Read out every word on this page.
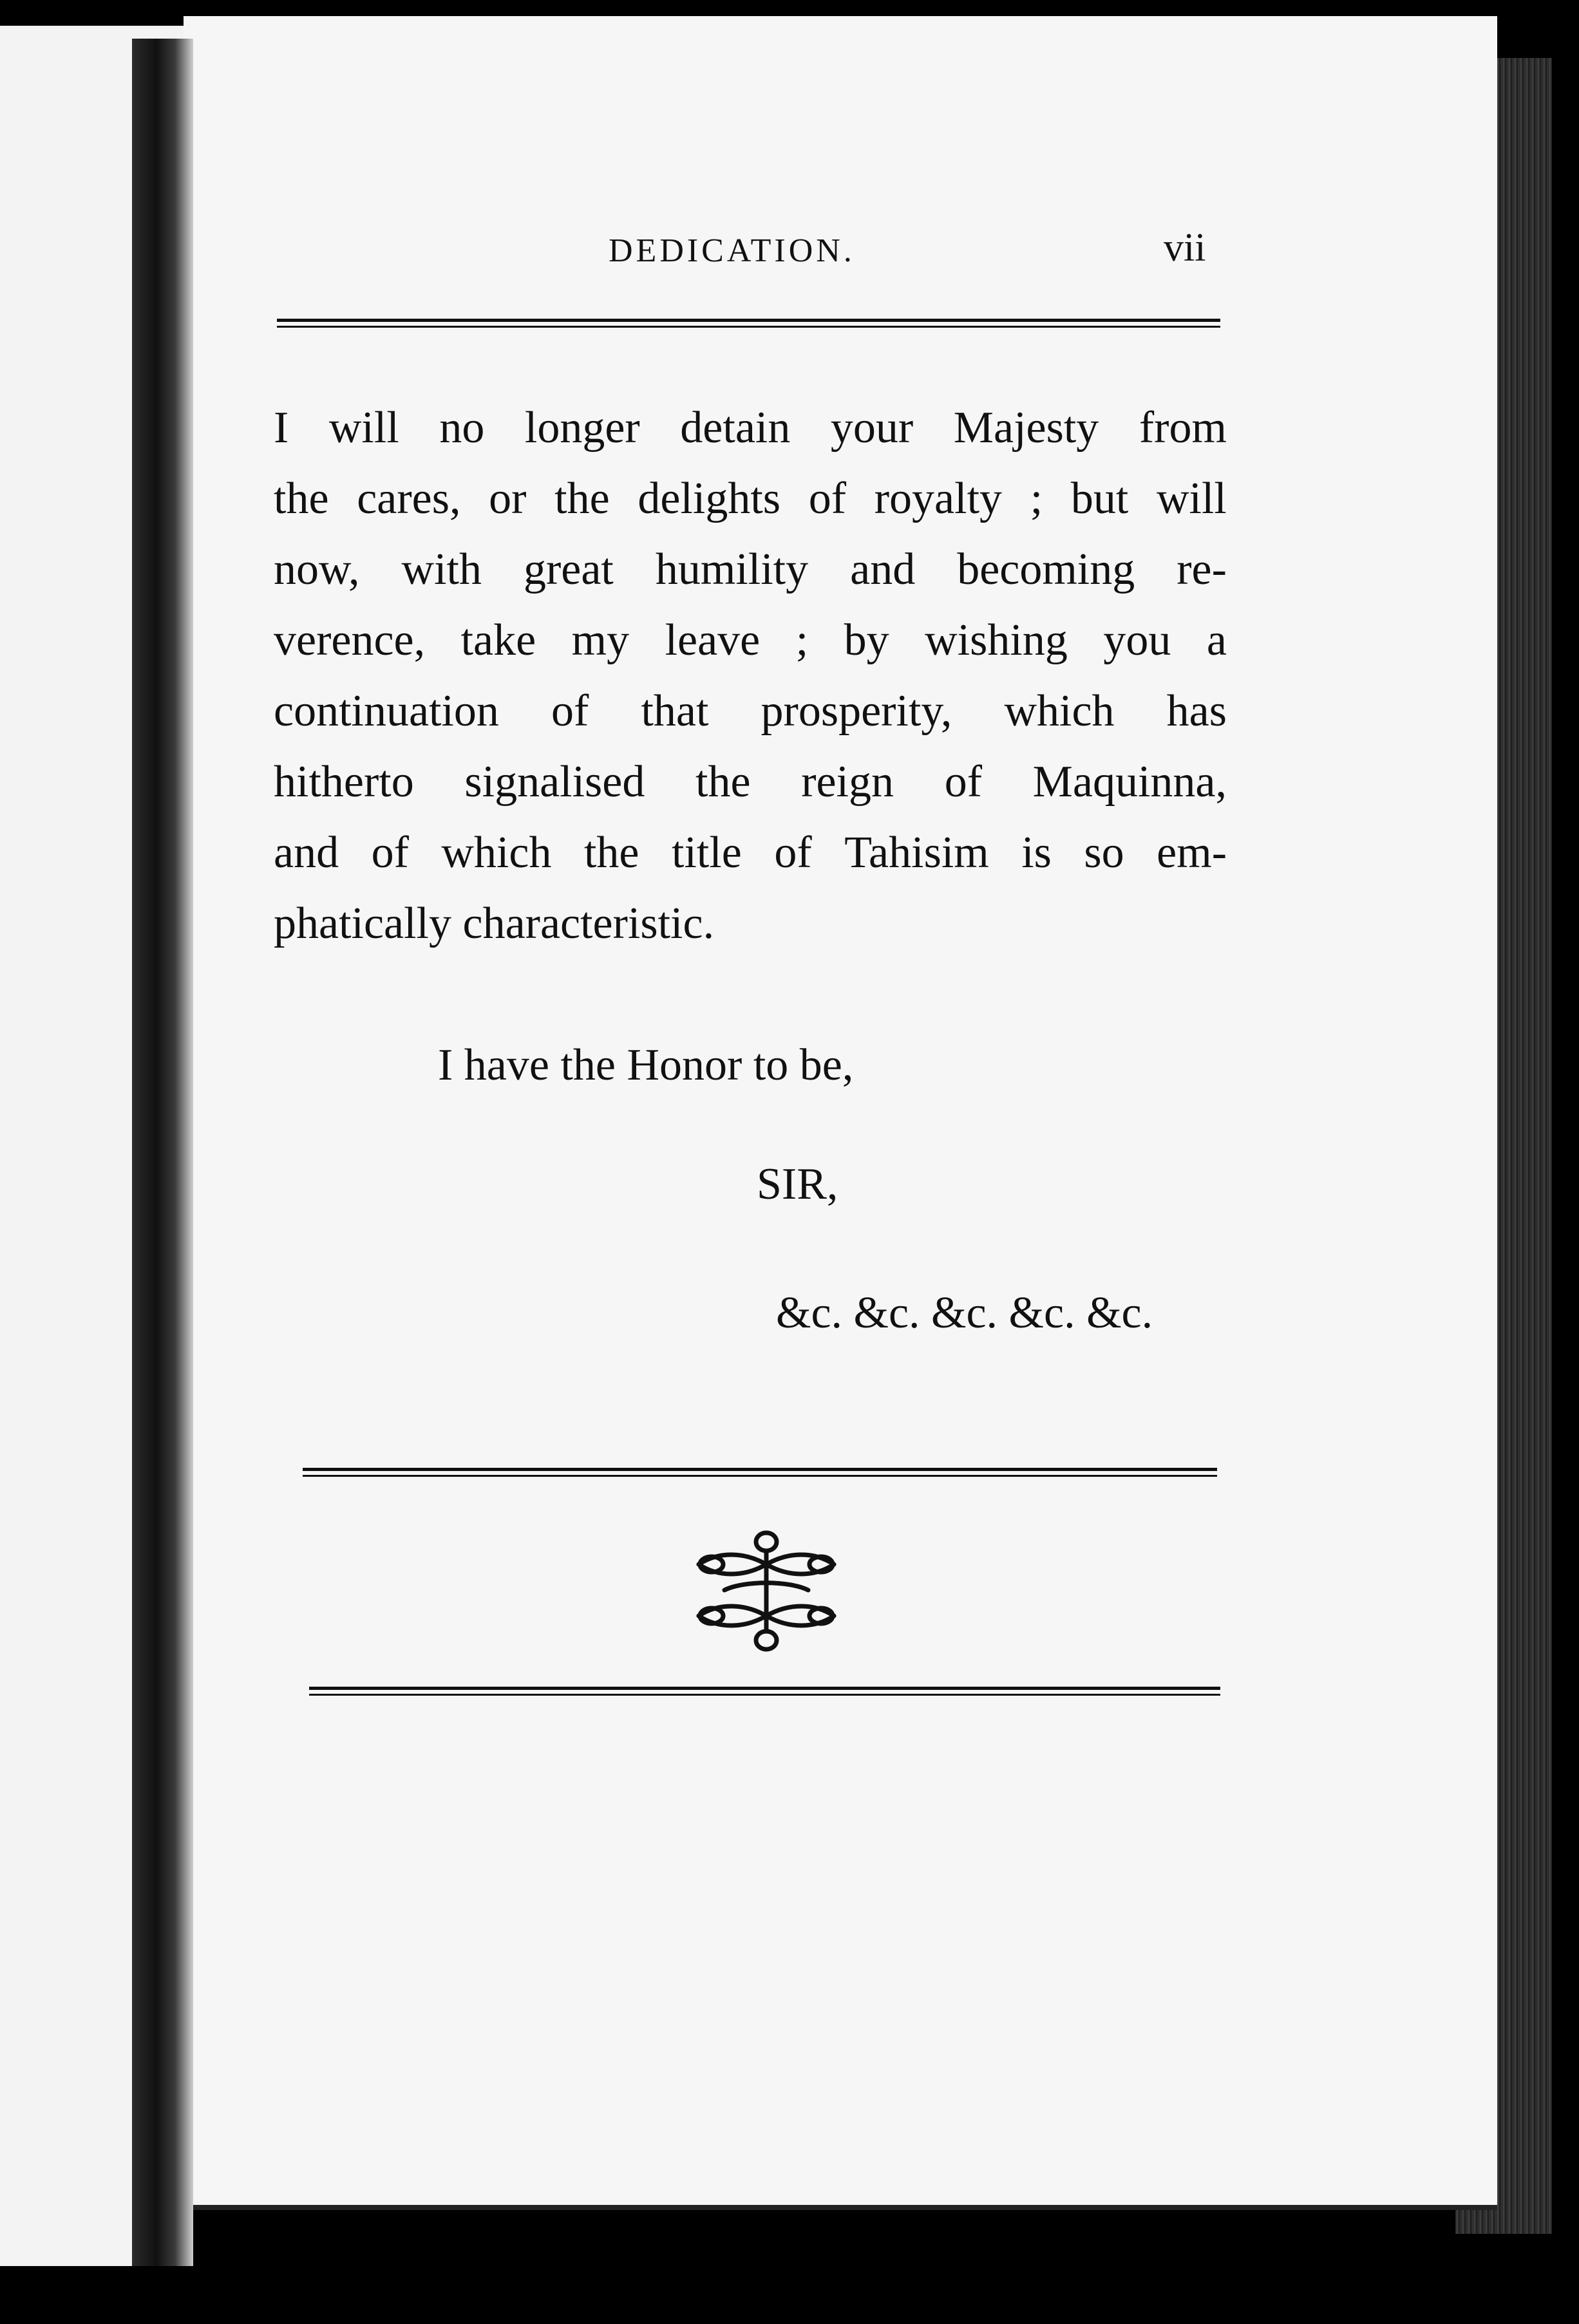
DEDICATION.	vii
I will no longer detain your Majesty from
the cares, or the delights of royalty ; but will
now, with great humility and becoming re-
verence, take my leave ; by wishing you a
continuation of that prosperity, which has
hitherto signalised the reign of Maquinna,
and of which the title of Tahisim is so em-
phatically characteristic.
I have the Honor to be,
SIR,
&c. &c. &c. &c. &c.
